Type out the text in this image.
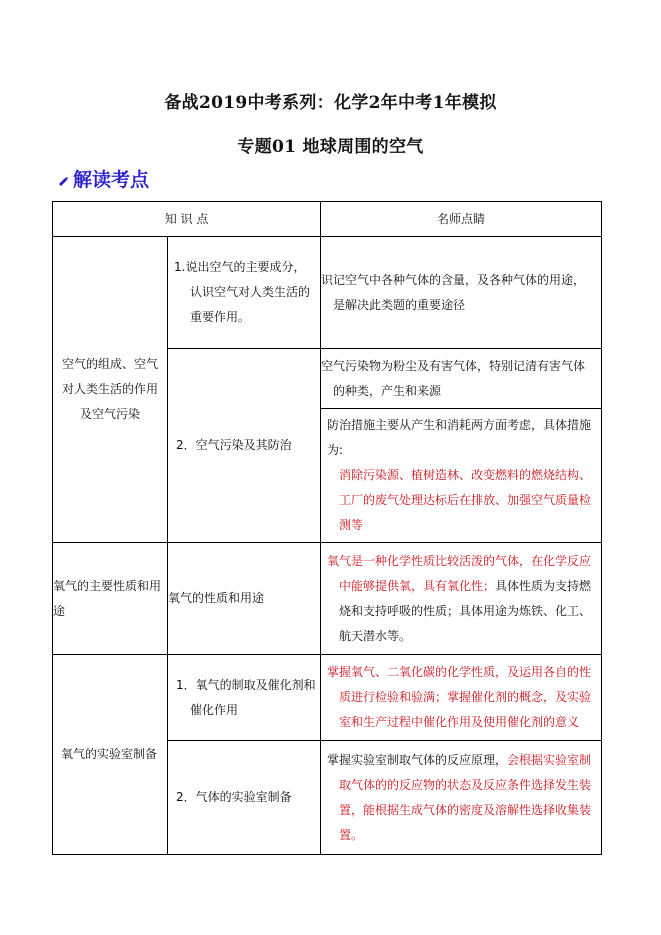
备战2019中考系列：化学2年中考1年模拟
专题01 地球周围的空气
解读考点
知 识 点		名师点睛
空气的组成、空气对人类生活的作用及空气污染	1.说出空气的主要成分，认识空气对人类生活的重要作用。	识记空气中各种气体的含量，及各种气体的用途，是解决此类题的重要途径
	2．空气污染及其防治	空气污染物为粉尘及有害气体，特别记清有害气体的种类，产生和来源

		防治措施主要从产生和消耗两方面考虑，具体措施为:
消除污染源、植树造林、改变燃料的燃烧结构、工厂的废气处理达标后在排放、加强空气质量检测等

氧气的主要性质和用途	氧气的性质和用途	氧气是一种化学性质比较活泼的气体，在化学反应中能够提供氧，具有氧化性；具体性质为支持燃烧和支持呼吸的性质；具体用途为炼铁、化工、航天潜水等。
氧气的实验室制备	1．氧气的制取及催化剂和催化作用	掌握氧气、二氧化碳的化学性质，及运用各自的性质进行检验和验满；掌握催化剂的概念，及实验室和生产过程中催化作用及使用催化剂的意义
	2．气体的实验室制备	掌握实验室制取气体的反应原理，会根据实验室制取气体的的反应物的状态及反应条件选择发生装置，能根据生成气体的密度及溶解性选择收集装置。
